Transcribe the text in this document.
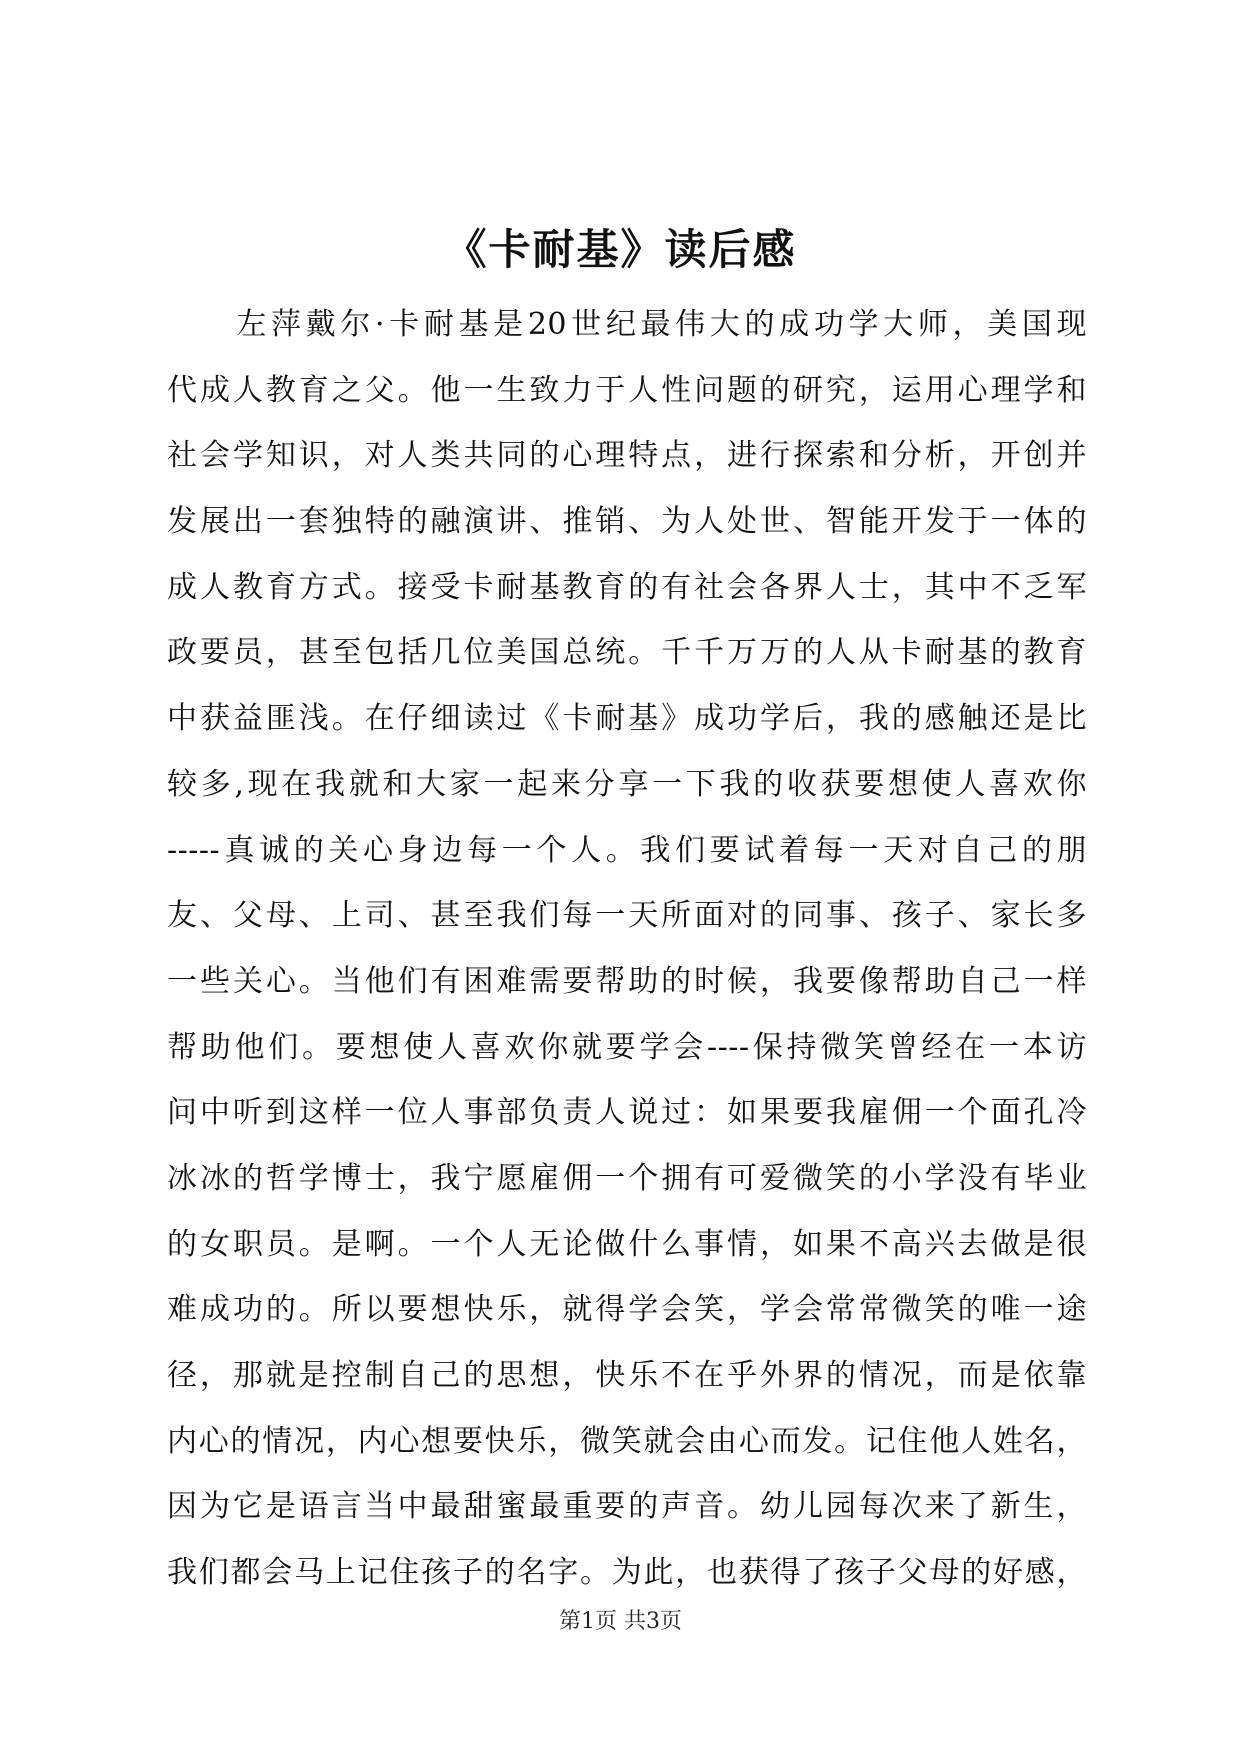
《卡耐基》读后感
　　左萍戴尔·卡耐基是20世纪最伟大的成功学大师，美国现
代成人教育之父。他一生致力于人性问题的研究，运用心理学和
社会学知识，对人类共同的心理特点，进行探索和分析，开创并
发展出一套独特的融演讲、推销、为人处世、智能开发于一体的
成人教育方式。接受卡耐基教育的有社会各界人士，其中不乏军
政要员，甚至包括几位美国总统。千千万万的人从卡耐基的教育
中获益匪浅。在仔细读过《卡耐基》成功学后，我的感触还是比
较多,现在我就和大家一起来分享一下我的收获要想使人喜欢你
-----真诚的关心身边每一个人。我们要试着每一天对自己的朋
友、父母、上司、甚至我们每一天所面对的同事、孩子、家长多
一些关心。当他们有困难需要帮助的时候，我要像帮助自己一样
帮助他们。要想使人喜欢你就要学会----保持微笑曾经在一本访
问中听到这样一位人事部负责人说过：如果要我雇佣一个面孔冷
冰冰的哲学博士，我宁愿雇佣一个拥有可爱微笑的小学没有毕业
的女职员。是啊。一个人无论做什么事情，如果不高兴去做是很
难成功的。所以要想快乐，就得学会笑，学会常常微笑的唯一途
径，那就是控制自己的思想，快乐不在乎外界的情况，而是依靠
内心的情况，内心想要快乐，微笑就会由心而发。记住他人姓名，
因为它是语言当中最甜蜜最重要的声音。幼儿园每次来了新生，
我们都会马上记住孩子的名字。为此，也获得了孩子父母的好感，
第1页 共3页
